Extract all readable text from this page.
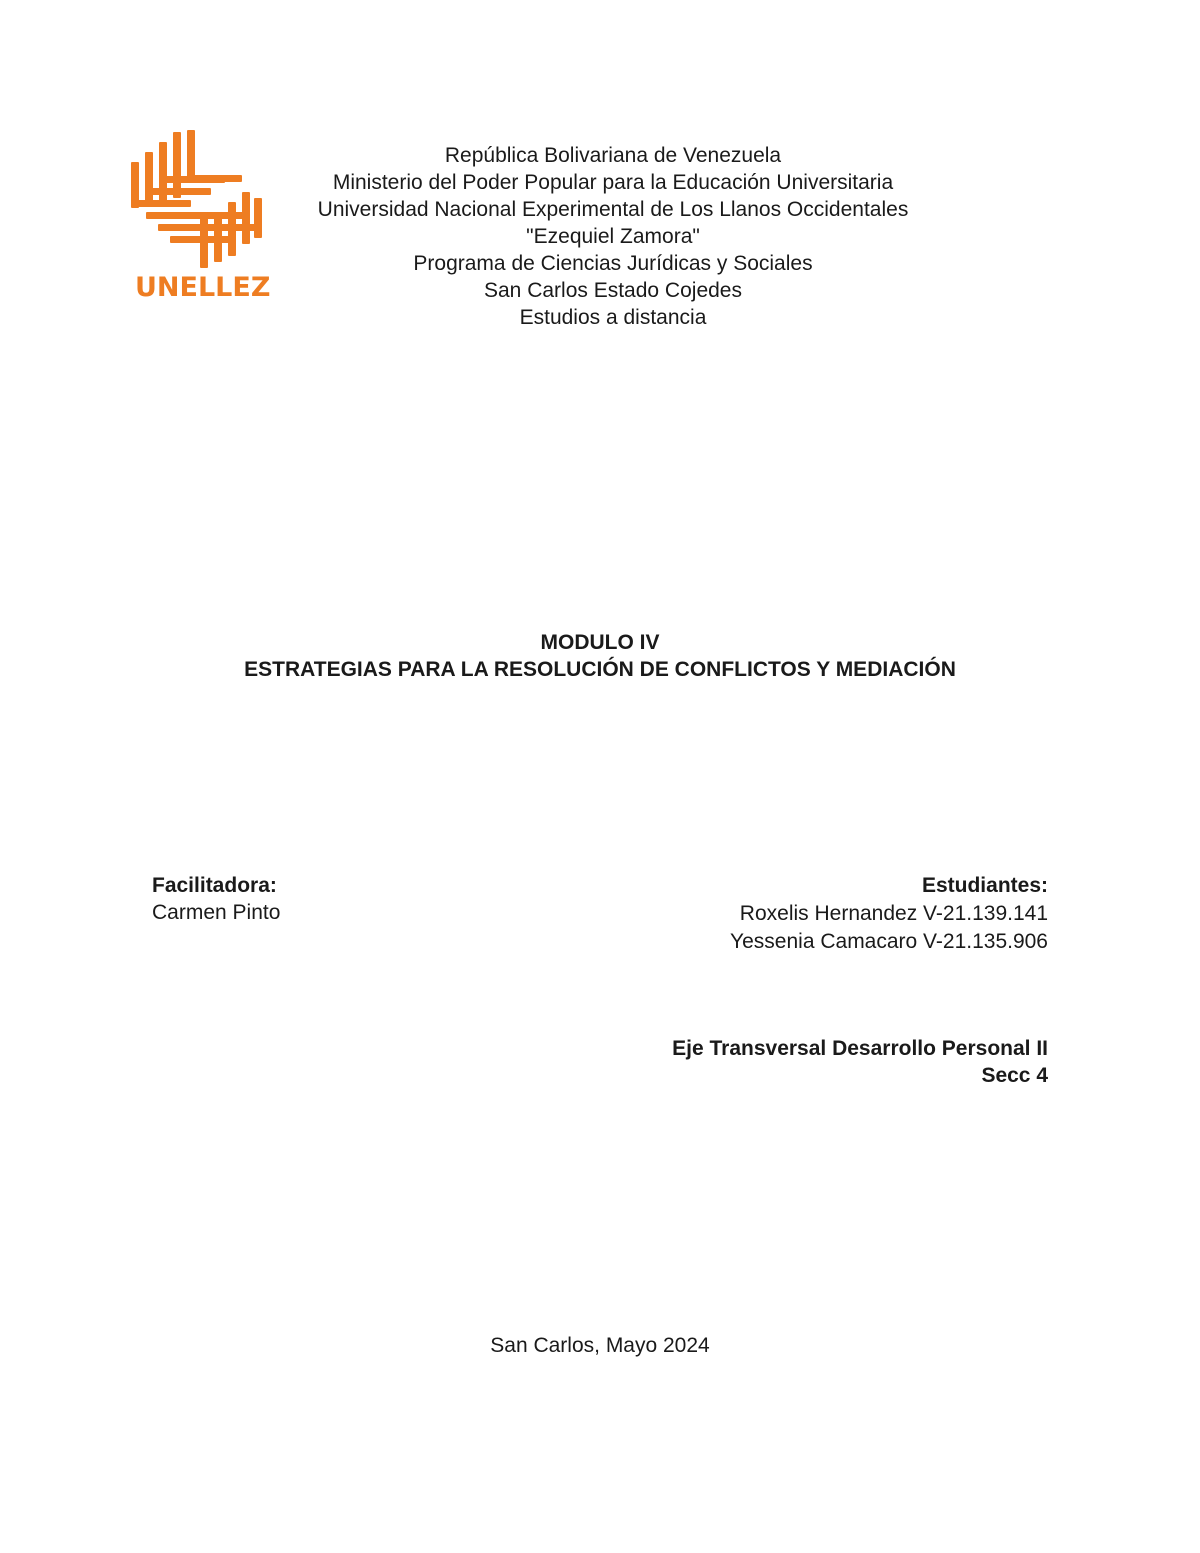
UNELLEZ
República Bolivariana de Venezuela
Ministerio del Poder Popular para la Educación Universitaria
Universidad Nacional Experimental de Los Llanos Occidentales
"Ezequiel Zamora"
Programa de Ciencias Jurídicas y Sociales
San Carlos Estado Cojedes
Estudios a distancia
MODULO IV
ESTRATEGIAS PARA LA RESOLUCIÓN DE CONFLICTOS Y MEDIACIÓN
Facilitadora:
Carmen Pinto
Estudiantes:
Roxelis Hernandez V-21.139.141
Yessenia Camacaro V-21.135.906
Eje Transversal Desarrollo Personal II
Secc 4
San Carlos, Mayo 2024
